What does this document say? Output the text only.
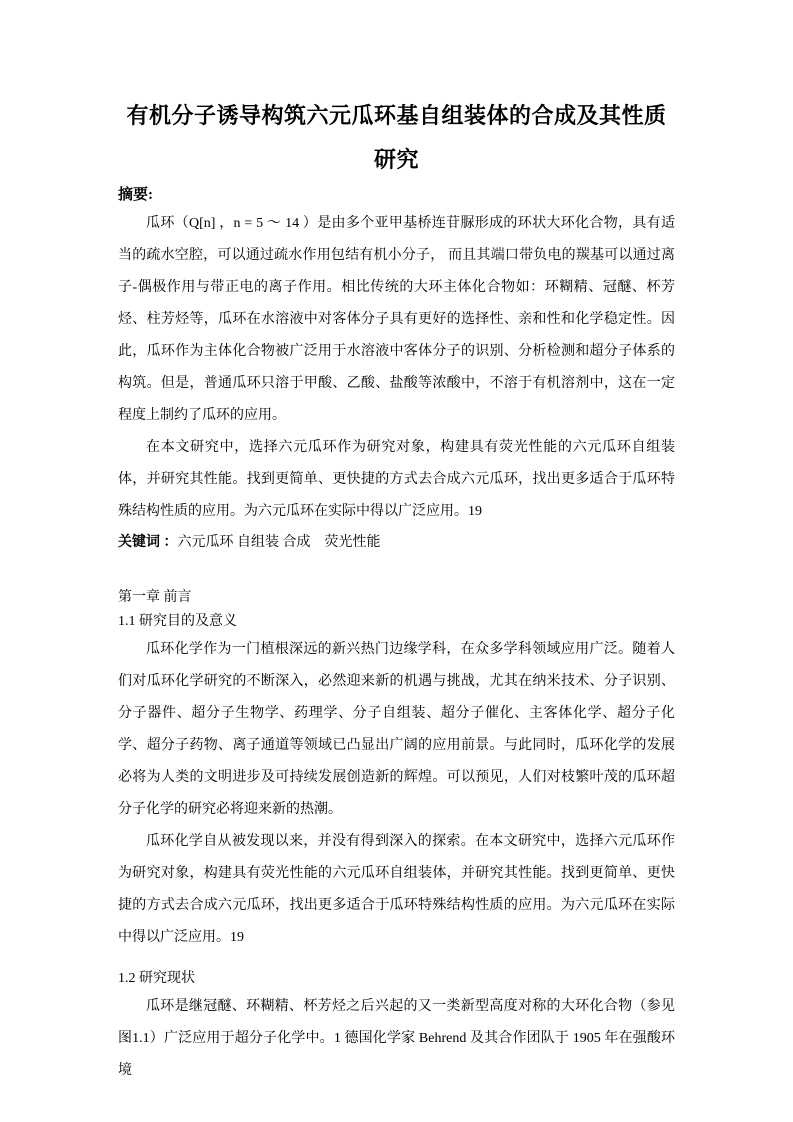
有机分子诱导构筑六元瓜环基自组装体的合成及其性质研究
摘要:

瓜环（Q[n] ，n = 5 ～ 14 ）是由多个亚甲基桥连苷脲形成的环状大环化合物，具有适当的疏水空腔，可以通过疏水作用包结有机小分子， 而且其端口带负电的羰基可以通过离子-偶极作用与带正电的离子作用。相比传统的大环主体化合物如：环糊精、冠醚、杯芳烃、柱芳烃等，瓜环在水溶液中对客体分子具有更好的选择性、亲和性和化学稳定性。因此，瓜环作为主体化合物被广泛用于水溶液中客体分子的识别、分析检测和超分子体系的构筑。但是，普通瓜环只溶于甲酸、乙酸、盐酸等浓酸中，不溶于有机溶剂中，这在一定程度上制约了瓜环的应用。

在本文研究中，选择六元瓜环作为研究对象，构建具有荧光性能的六元瓜环自组装体，并研究其性能。找到更简单、更快捷的方式去合成六元瓜环，找出更多适合于瓜环特殊结构性质的应用。为六元瓜环在实际中得以广泛应用。19

关键词 ：六元瓜环 自组装 合成　荧光性能

第一章 前言
1.1 研究目的及意义

瓜环化学作为一门植根深远的新兴热门边缘学科，在众多学科领域应用广泛。随着人们对瓜环化学研究的不断深入，必然迎来新的机遇与挑战，尤其在纳米技术、分子识别、分子器件、超分子生物学、药理学、分子自组装、超分子催化、主客体化学、超分子化学、超分子药物、离子通道等领域已凸显出广阔的应用前景。与此同时，瓜环化学的发展必将为人类的文明进步及可持续发展创造新的辉煌。可以预见，人们对枝繁叶茂的瓜环超分子化学的研究必将迎来新的热潮。

瓜环化学自从被发现以来，并没有得到深入的探索。在本文研究中，选择六元瓜环作为研究对象，构建具有荧光性能的六元瓜环自组装体，并研究其性能。找到更简单、更快捷的方式去合成六元瓜环，找出更多适合于瓜环特殊结构性质的应用。为六元瓜环在实际中得以广泛应用。19

1.2 研究现状

瓜环是继冠醚、环糊精、杯芳烃之后兴起的又一类新型高度对称的大环化合物（参见图1.1）广泛应用于超分子化学中。1 德国化学家 Behrend 及其合作团队于 1905 年在强酸环境
